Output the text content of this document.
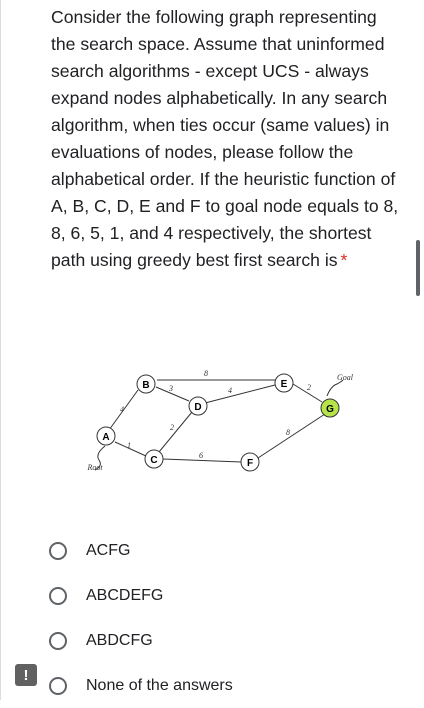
Consider the following graph representing the search space. Assume that uninformed search algorithms - except UCS - always expand nodes alphabetically. In any search algorithm, when ties occur (same values) in evaluations of nodes, please follow the alphabetical order. If the heuristic function of A, B, C, D, E and F to goal node equals to 8, 8, 6, 5, 1, and 4 respectively, the shortest path using greedy best first search is *
A
B
C
D
E
F
G
4
1
3
8
2
6
4	2
8
Root
Goal
ACFG
ABCDEFG
ABDCFG
None of the answers
!
